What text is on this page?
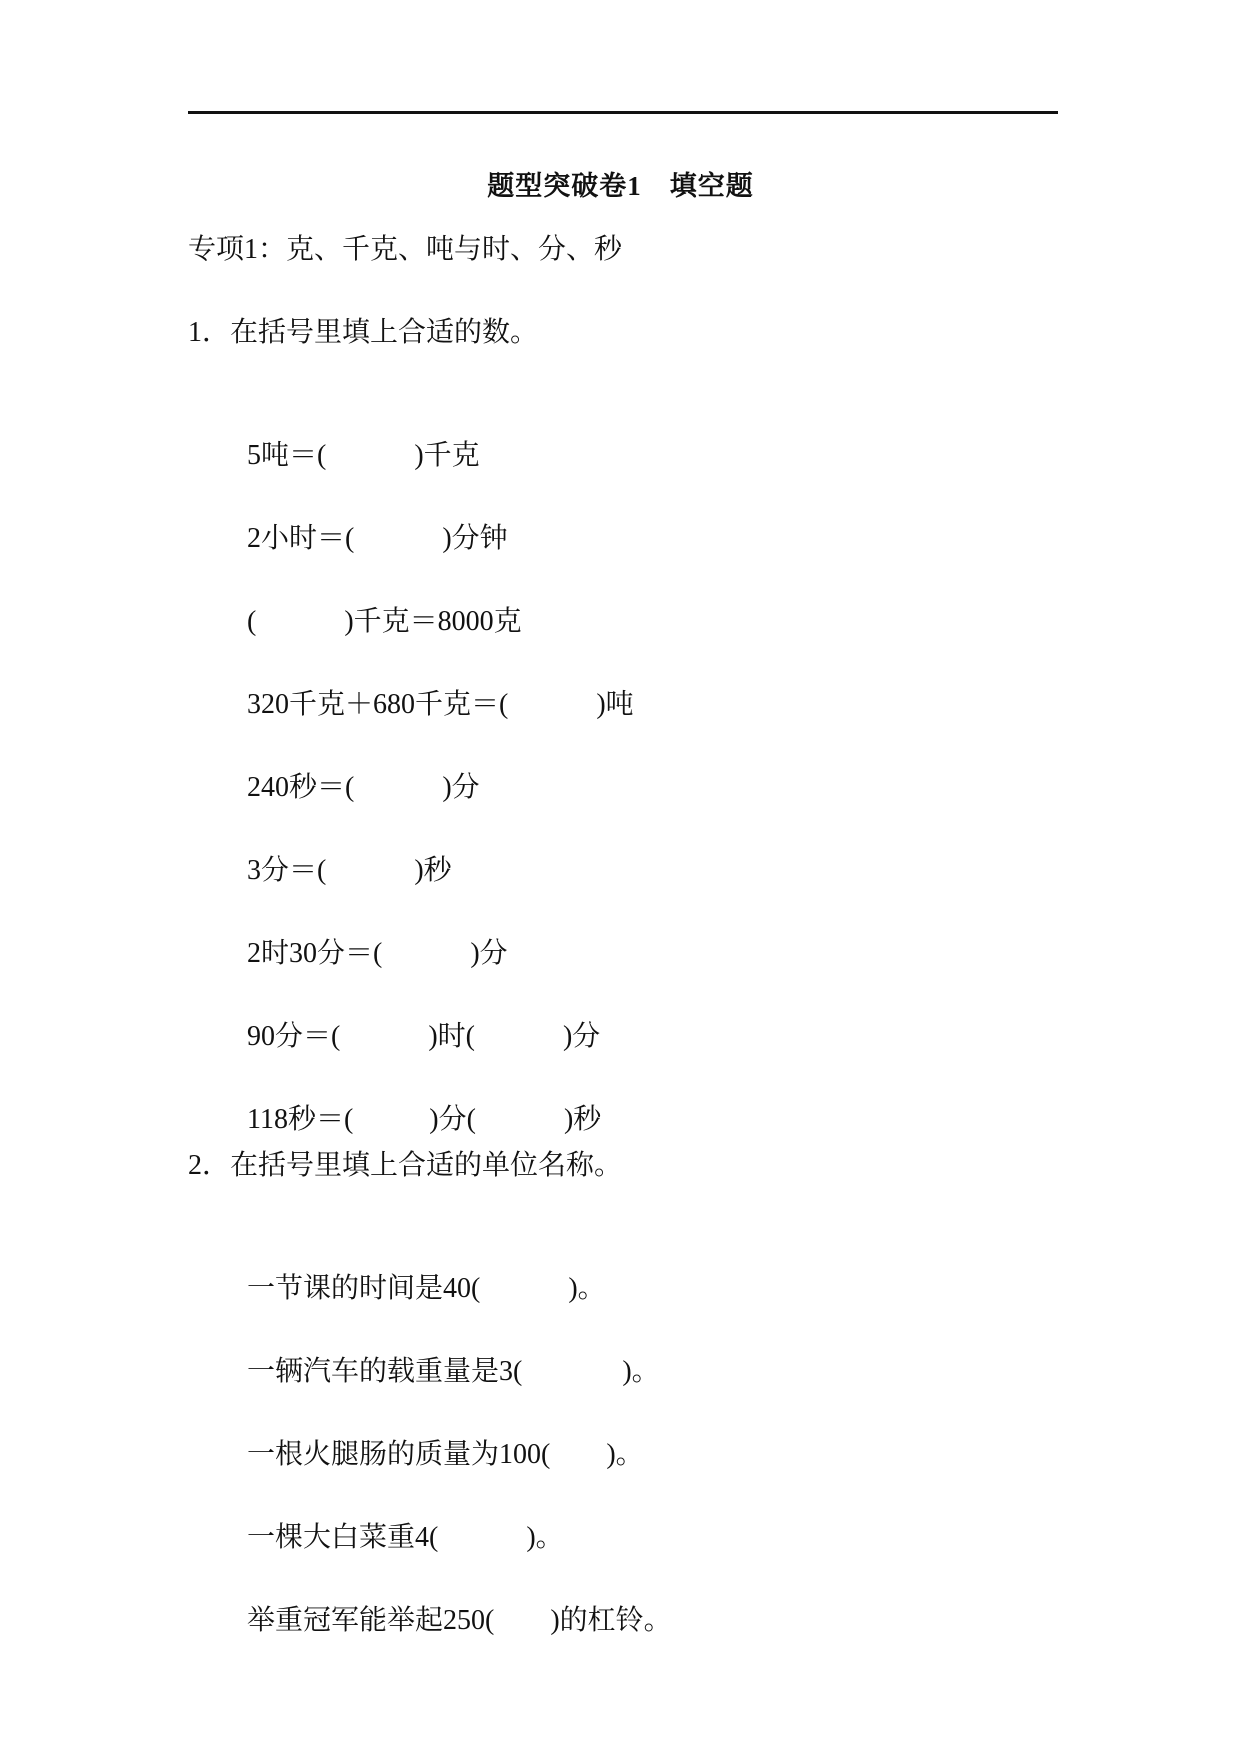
题型突破卷1　填空题
专项1：克、千克、吨与时、分、秒
1．在括号里填上合适的数。

5吨＝(	)千克

2小时＝(	)分钟

(	)千克＝8000克

320千克＋680千克＝(	)吨

240秒＝(	)分

3分＝(	)秒

2时30分＝(	)分

90分＝(	)时(	)分

118秒＝(	)分(	)秒

2．在括号里填上合适的单位名称。

一节课的时间是40(	)。

一辆汽车的载重量是3(	)。

一根火腿肠的质量为100( )。

一棵大白菜重4(	)。

举重冠军能举起250( )的杠铃。
